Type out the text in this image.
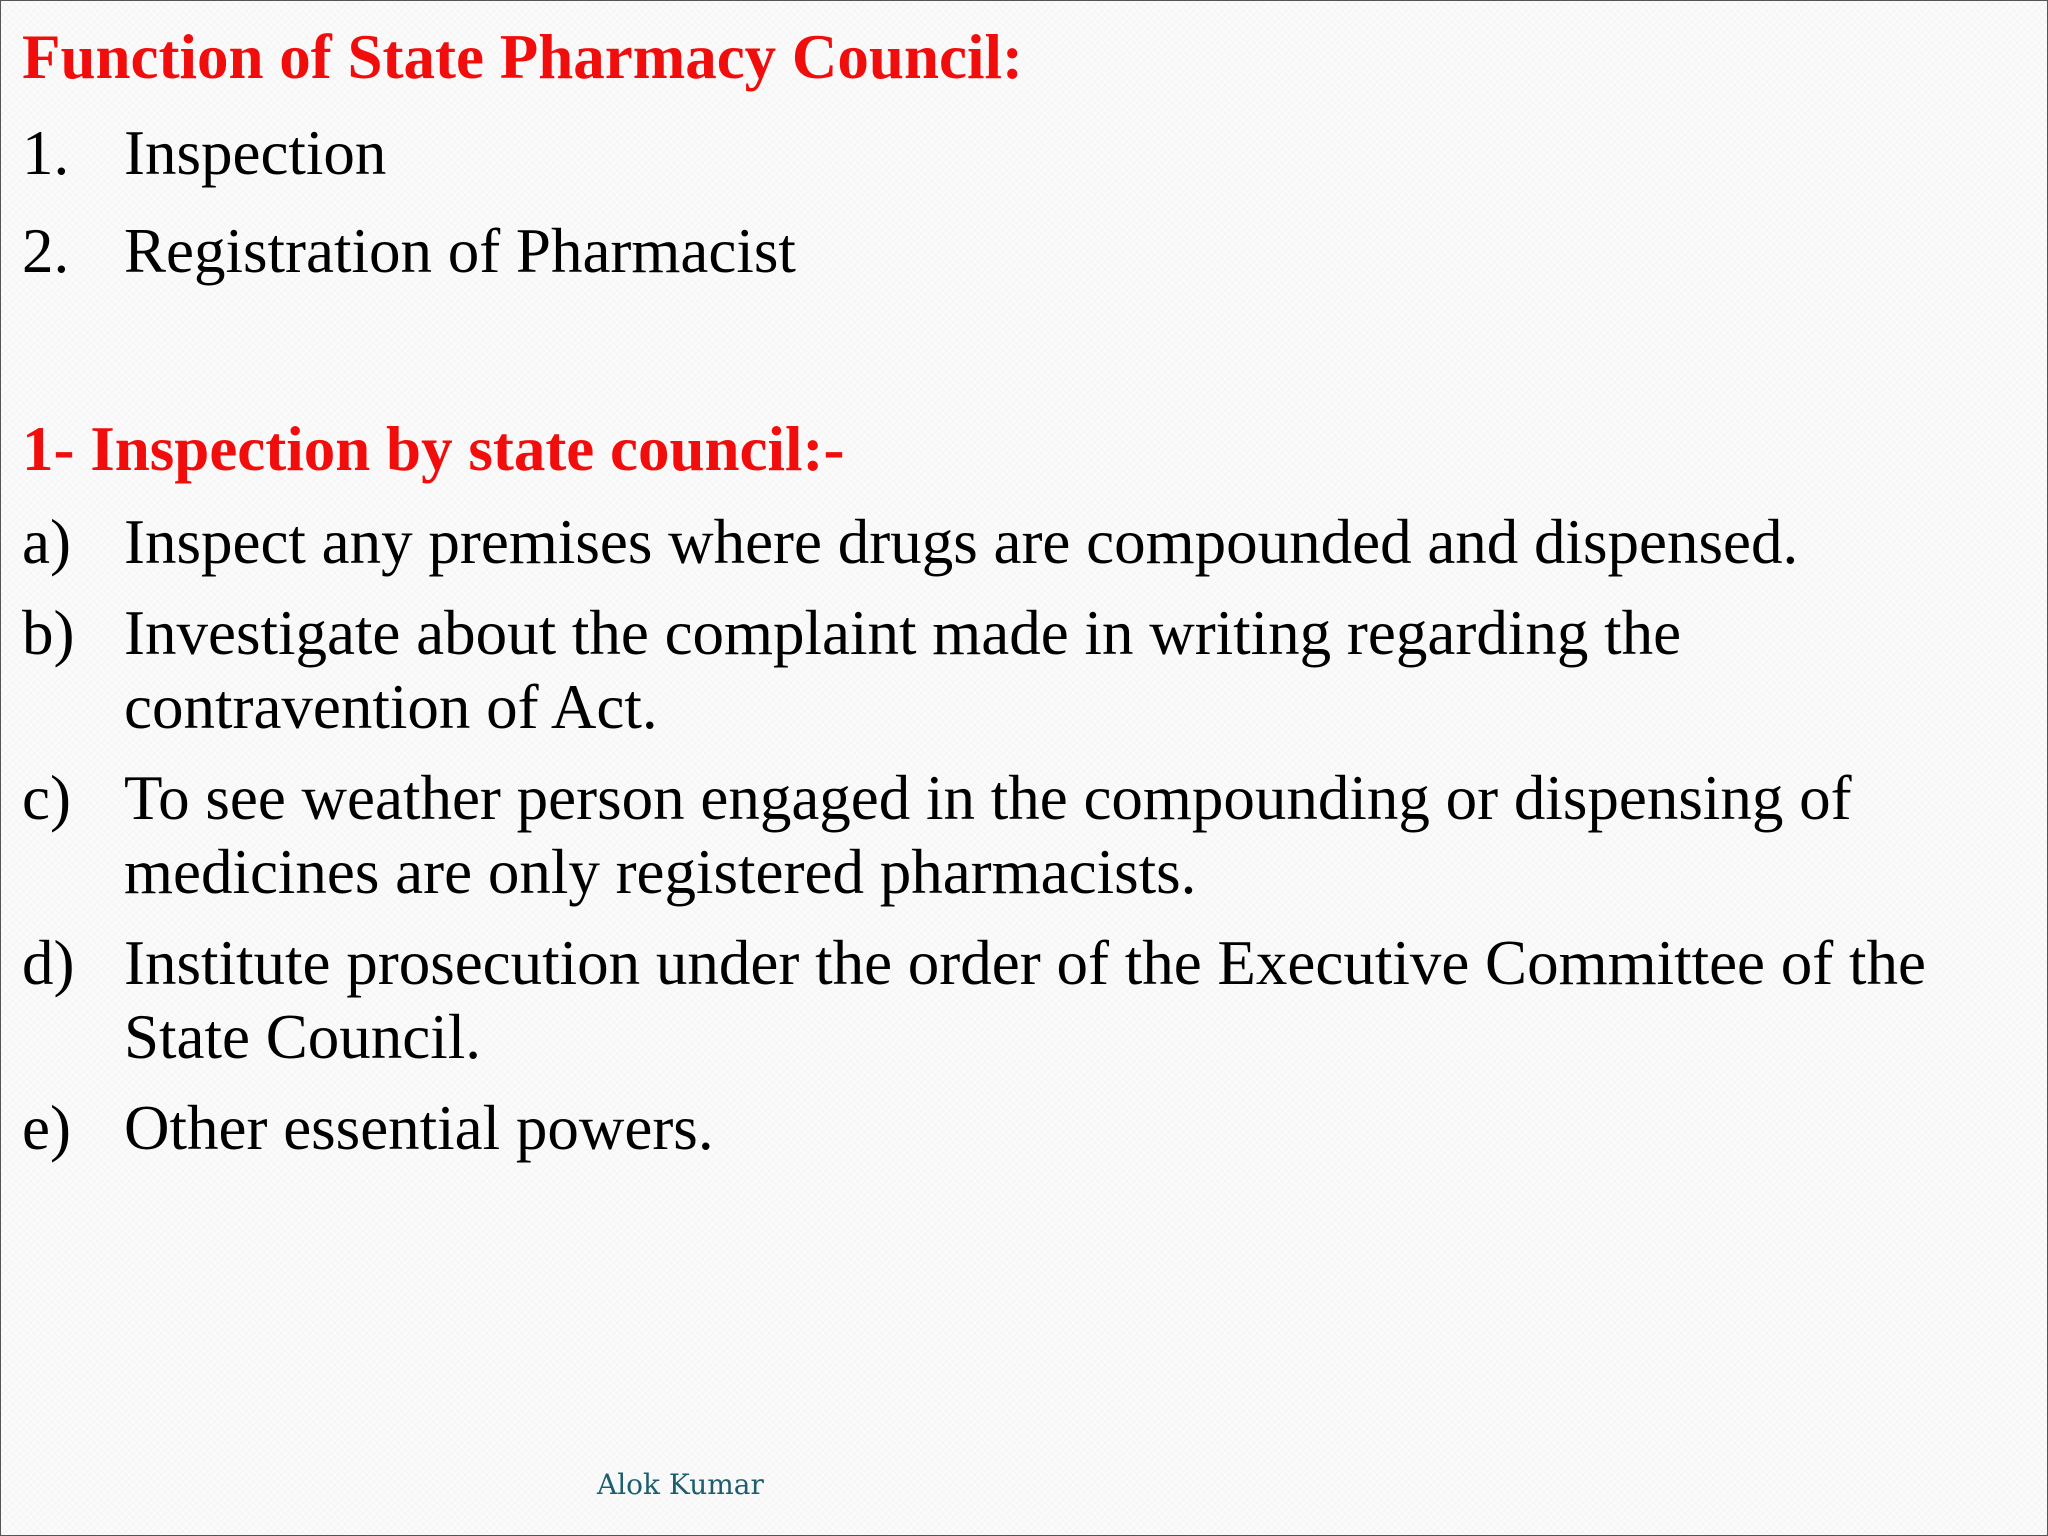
Function of State Pharmacy Council:
1. Inspection
2. Registration of Pharmacist
1- Inspection by state council:-
a) Inspect any premises where drugs are compounded and dispensed.
b) Investigate about the complaint made in writing regarding the contravention of Act.
c) To see weather person engaged in the compounding or dispensing of medicines are only registered pharmacists.
d) Institute prosecution under the order of the Executive Committee of the State Council.
e) Other essential powers.
Alok Kumar
